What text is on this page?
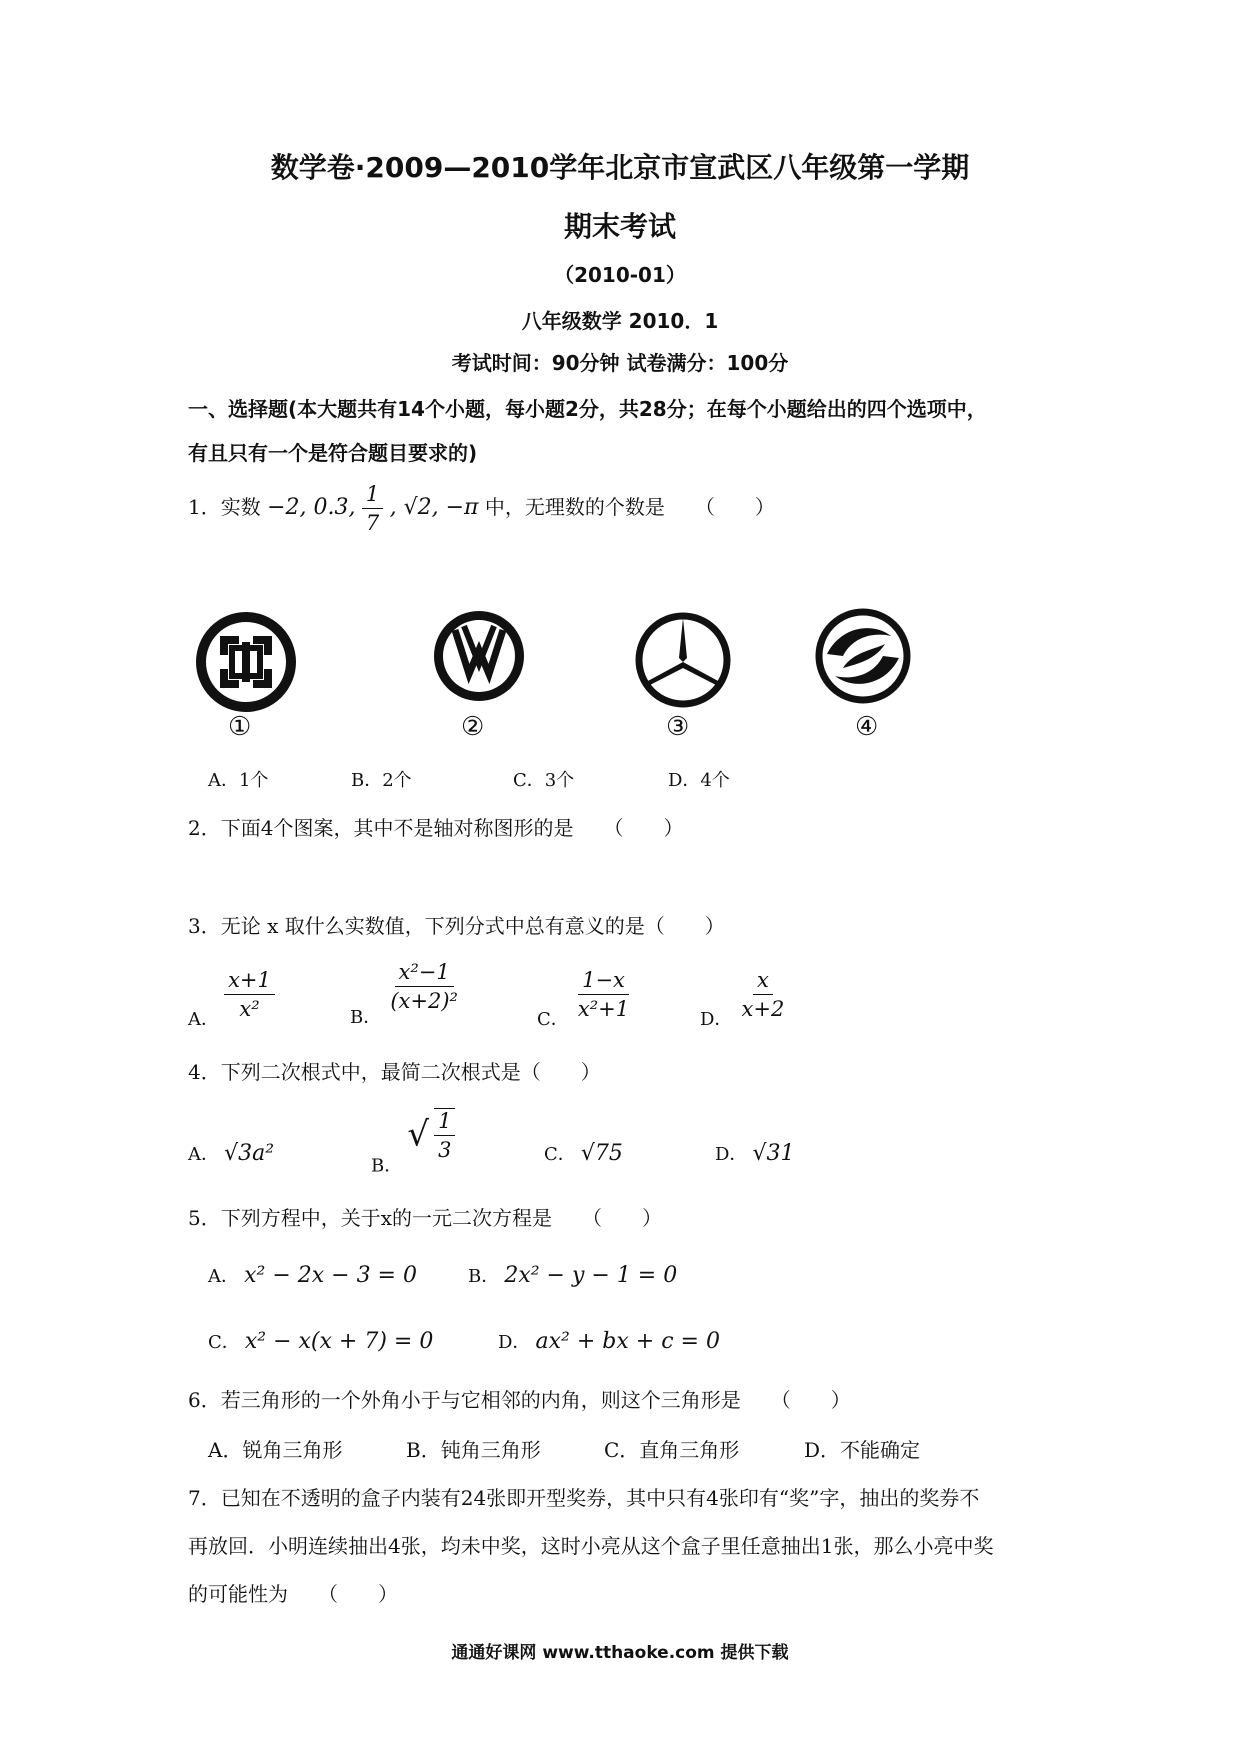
数学卷·2009—2010学年北京市宣武区八年级第一学期
期末考试
（2010-01）
八年级数学 2010．1
考试时间：90分钟 试卷满分：100分
一、选择题(本大题共有14个小题，每小题2分，共28分；在每个小题给出的四个选项中，
有且只有一个是符合题目要求的)
1．实数 −2, 0.3, $\frac{1}{7}$ , √2, −π 中，无理数的个数是　　（　　）
①	②	③	④
A．1个	B．2个	C．3个	D．4个
2．下面4个图案，其中不是轴对称图形的是　　（　　）
3．无论 x 取什么实数值，下列分式中总有意义的是（　　）
A． $\frac{x+1}{\text{x²}}$	B．
$\frac{\text{x²−1}}{\text{(x+2)²}}$
C． $\frac{1-x}{\text{x²+1}}$	D． $\frac{x}{x+2}$
4．下列二次根式中，最简二次根式是（　　）
A． √3a²	B． √ $\frac{1}{3}$	C． √75	D． √31
5．下列方程中，关于x的一元二次方程是　　（　　）
A． x² − 2x − 3 = 0	B． 2x² − y − 1 = 0
C． x² − x(x + 7) = 0	D． ax² + bx + c = 0
6．若三角形的一个外角小于与它相邻的内角，则这个三角形是　　（　　）
A．锐角三角形	B．钝角三角形	C．直角三角形	D．不能确定
7．已知在不透明的盒子内装有24张即开型奖券，其中只有4张印有“奖”字，抽出的奖券不
再放回．小明连续抽出4张，均未中奖，这时小亮从这个盒子里任意抽出1张，那么小亮中奖
的可能性为　　（　　）
通通好课网 www.tthaoke.com 提供下载
